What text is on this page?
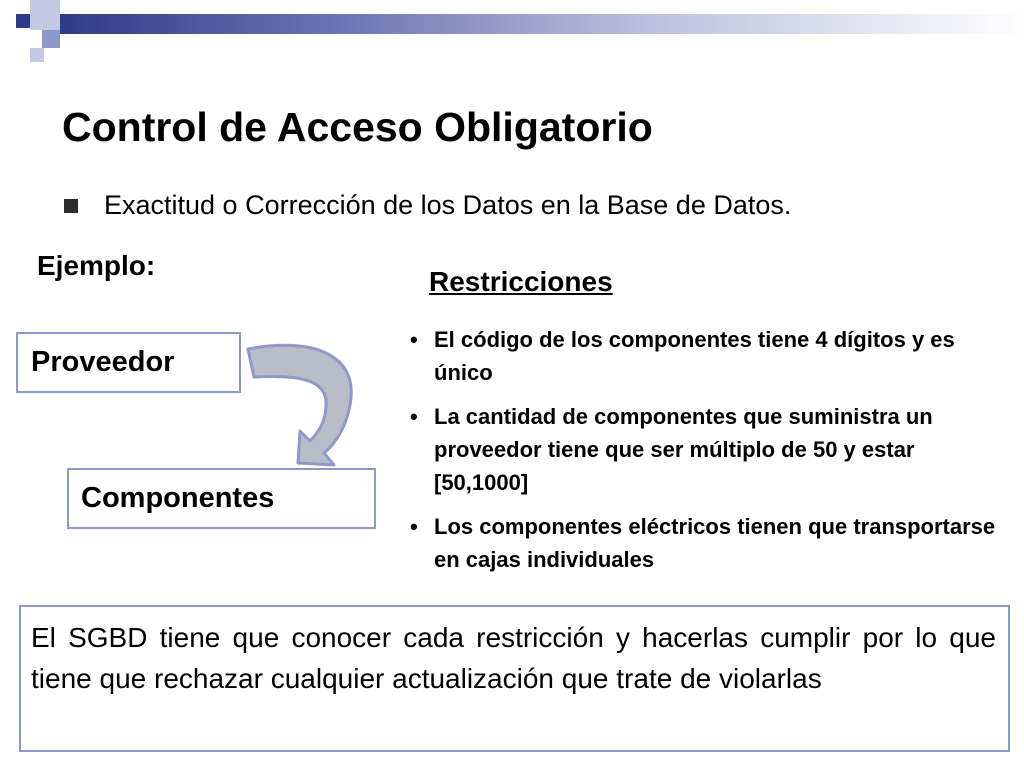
Control de Acceso Obligatorio
Exactitud o Corrección de los Datos en la Base de Datos.
Ejemplo:
Restricciones
Proveedor
Componentes
• El código de los componentes tiene 4 dígitos y es único
• La cantidad de componentes que suministra un proveedor tiene que ser múltiplo de 50 y estar [50,1000]
• Los componentes eléctricos tienen que transportarse en cajas individuales
El SGBD tiene que conocer cada restricción y hacerlas cumplir por lo que tiene que rechazar cualquier actualización que trate de violarlas
